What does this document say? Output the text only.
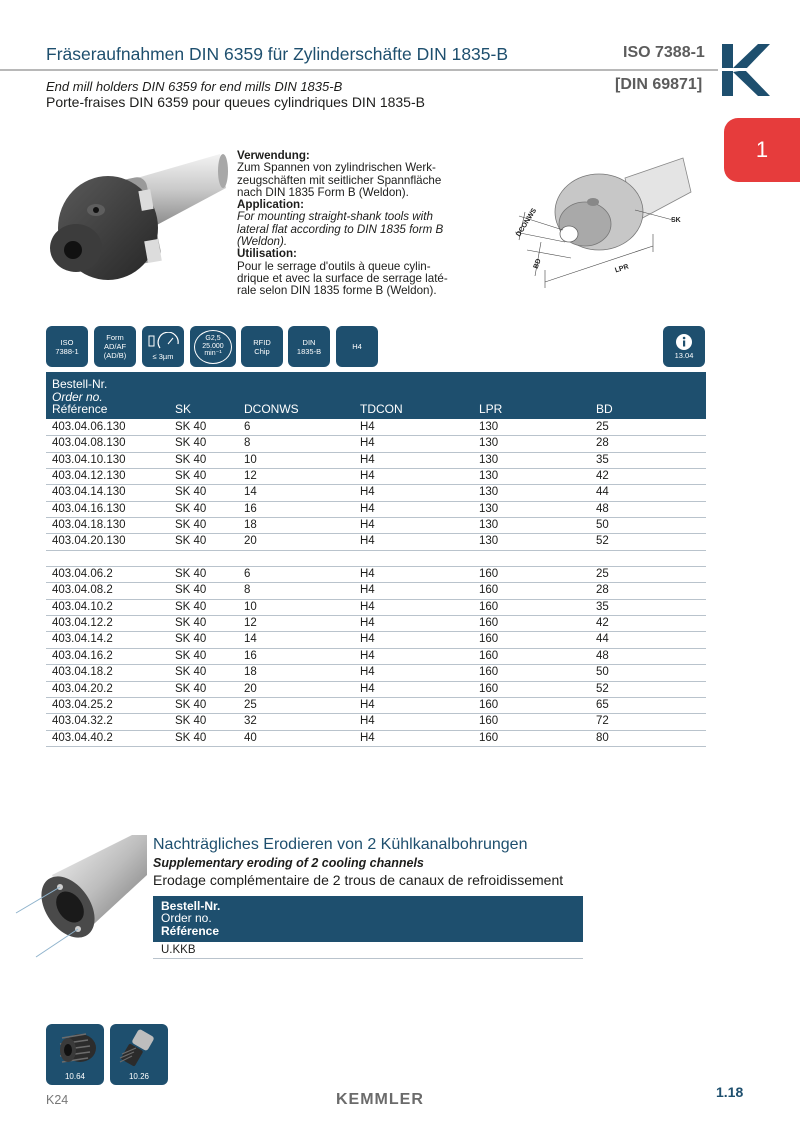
Fräseraufnahmen DIN 6359 für Zylinderschäfte DIN 1835-B	ISO 7388-1
[DIN 69871]
End mill holders DIN 6359 for end mills DIN 1835-B
Porte-fraises DIN 6359 pour queues cylindriques DIN 1835-B
1
Verwendung:
Zum Spannen von zylindrischen Werk-
zeugschäften mit seitlicher Spannfläche
nach DIN 1835 Form B (Weldon).
Application:
For mounting straight-shank tools with
lateral flat according to DIN 1835 form B
(Weldon).
Utilisation:
Pour le serrage d'outils à queue cylin-
drique et avec la surface de serrage laté-
rale selon DIN 1835 forme B (Weldon).
DCONWS
BD	LPR
SK
ISO
7388-1
Form
AD/AF
(AD/B)	≤ 3µm
G2,5
25.000
min⁻¹
RFID
Chip
DIN
1835-B	H4
13.04
Bestell-Nr.
Order no.
Référence	SK	DCONWS	TDCON	LPR	BD
403.04.06.130	SK 40	6	H4	130	25
403.04.08.130	SK 40	8	H4	130	28
403.04.10.130	SK 40	10	H4	130	35
403.04.12.130	SK 40	12	H4	130	42
403.04.14.130	SK 40	14	H4	130	44
403.04.16.130	SK 40	16	H4	130	48
403.04.18.130	SK 40	18	H4	130	50
403.04.20.130	SK 40	20	H4	130	52
403.04.06.2	SK 40	6	H4	160	25
403.04.08.2	SK 40	8	H4	160	28
403.04.10.2	SK 40	10	H4	160	35
403.04.12.2	SK 40	12	H4	160	42
403.04.14.2	SK 40	14	H4	160	44
403.04.16.2	SK 40	16	H4	160	48
403.04.18.2	SK 40	18	H4	160	50
403.04.20.2	SK 40	20	H4	160	52
403.04.25.2	SK 40	25	H4	160	65
403.04.32.2	SK 40	32	H4	160	72
403.04.40.2	SK 40	40	H4	160	80
Nachträgliches Erodieren von 2 Kühlkanalbohrungen
Supplementary eroding of 2 cooling channels
Erodage complémentaire de 2 trous de canaux de refroidissement
Bestell-Nr.
Order no.
Référence
U.KKB
10.64	10.26
K24	KEMMLER	1.18
